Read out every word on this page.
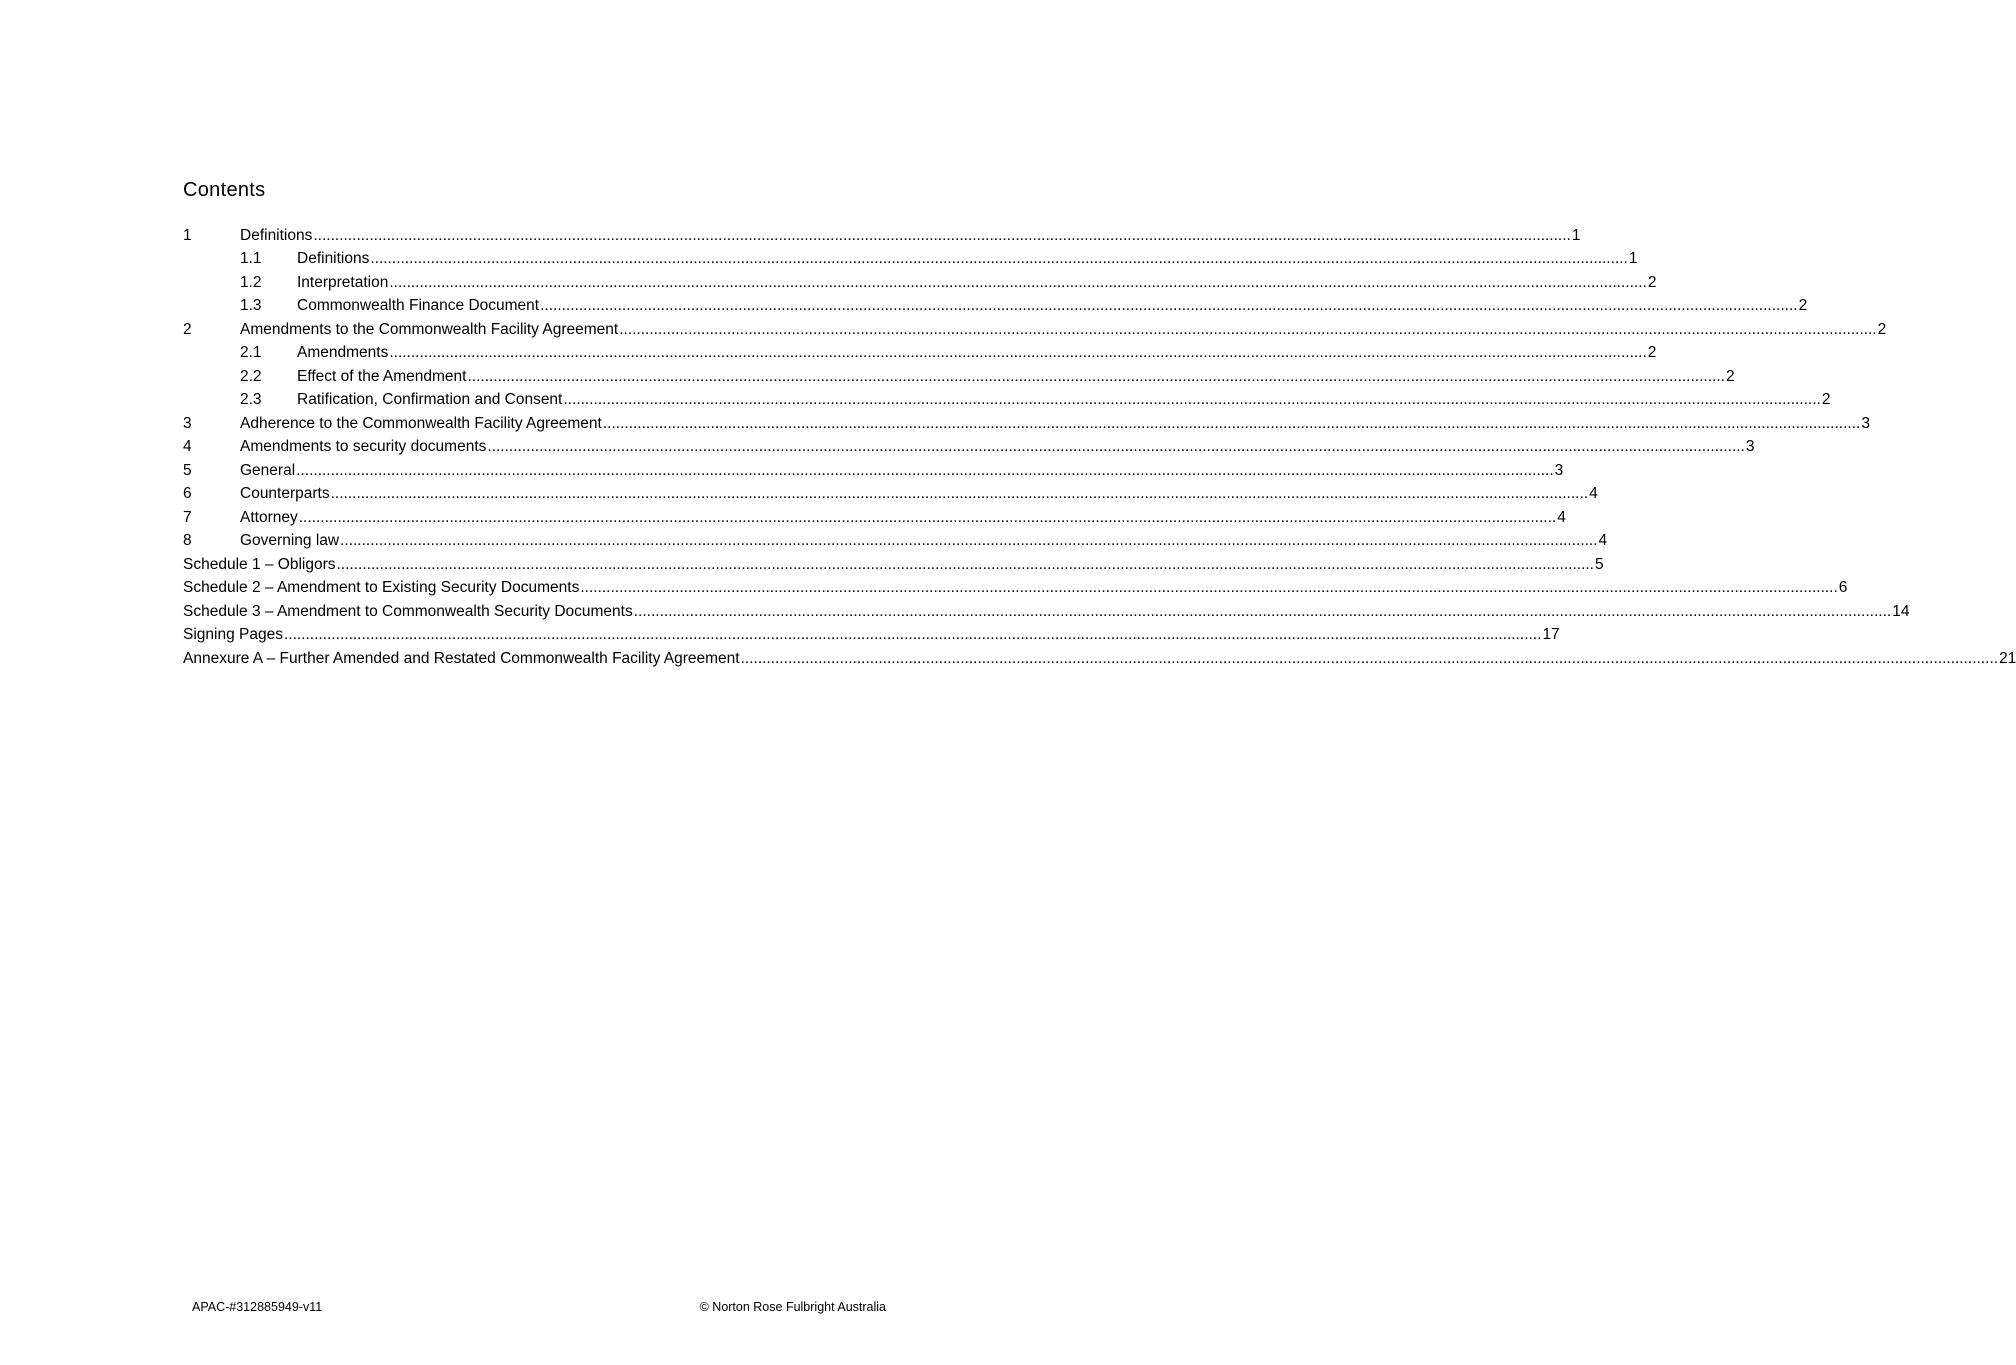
Contents
1	Definitions .....	1
1.1	Definitions .....	1
1.2	Interpretation .....	2
1.3	Commonwealth Finance Document .....	2
2	Amendments to the Commonwealth Facility Agreement .....	2
2.1	Amendments .....	2
2.2	Effect of the Amendment .....	2
2.3	Ratification, Confirmation and Consent .....	2
3	Adherence to the Commonwealth Facility Agreement .....	3
4	Amendments to security documents .....	3
5	General .....	3
6	Counterparts .....	4
7	Attorney .....	4
8	Governing law .....	4
Schedule 1 – Obligors .....	5
Schedule 2 – Amendment to Existing Security Documents .....	6
Schedule 3 – Amendment to Commonwealth Security Documents .....	14
Signing Pages .....	17
Annexure A – Further Amended and Restated Commonwealth Facility Agreement .....	21
APAC-#312885949-v11	© Norton Rose Fulbright Australia
